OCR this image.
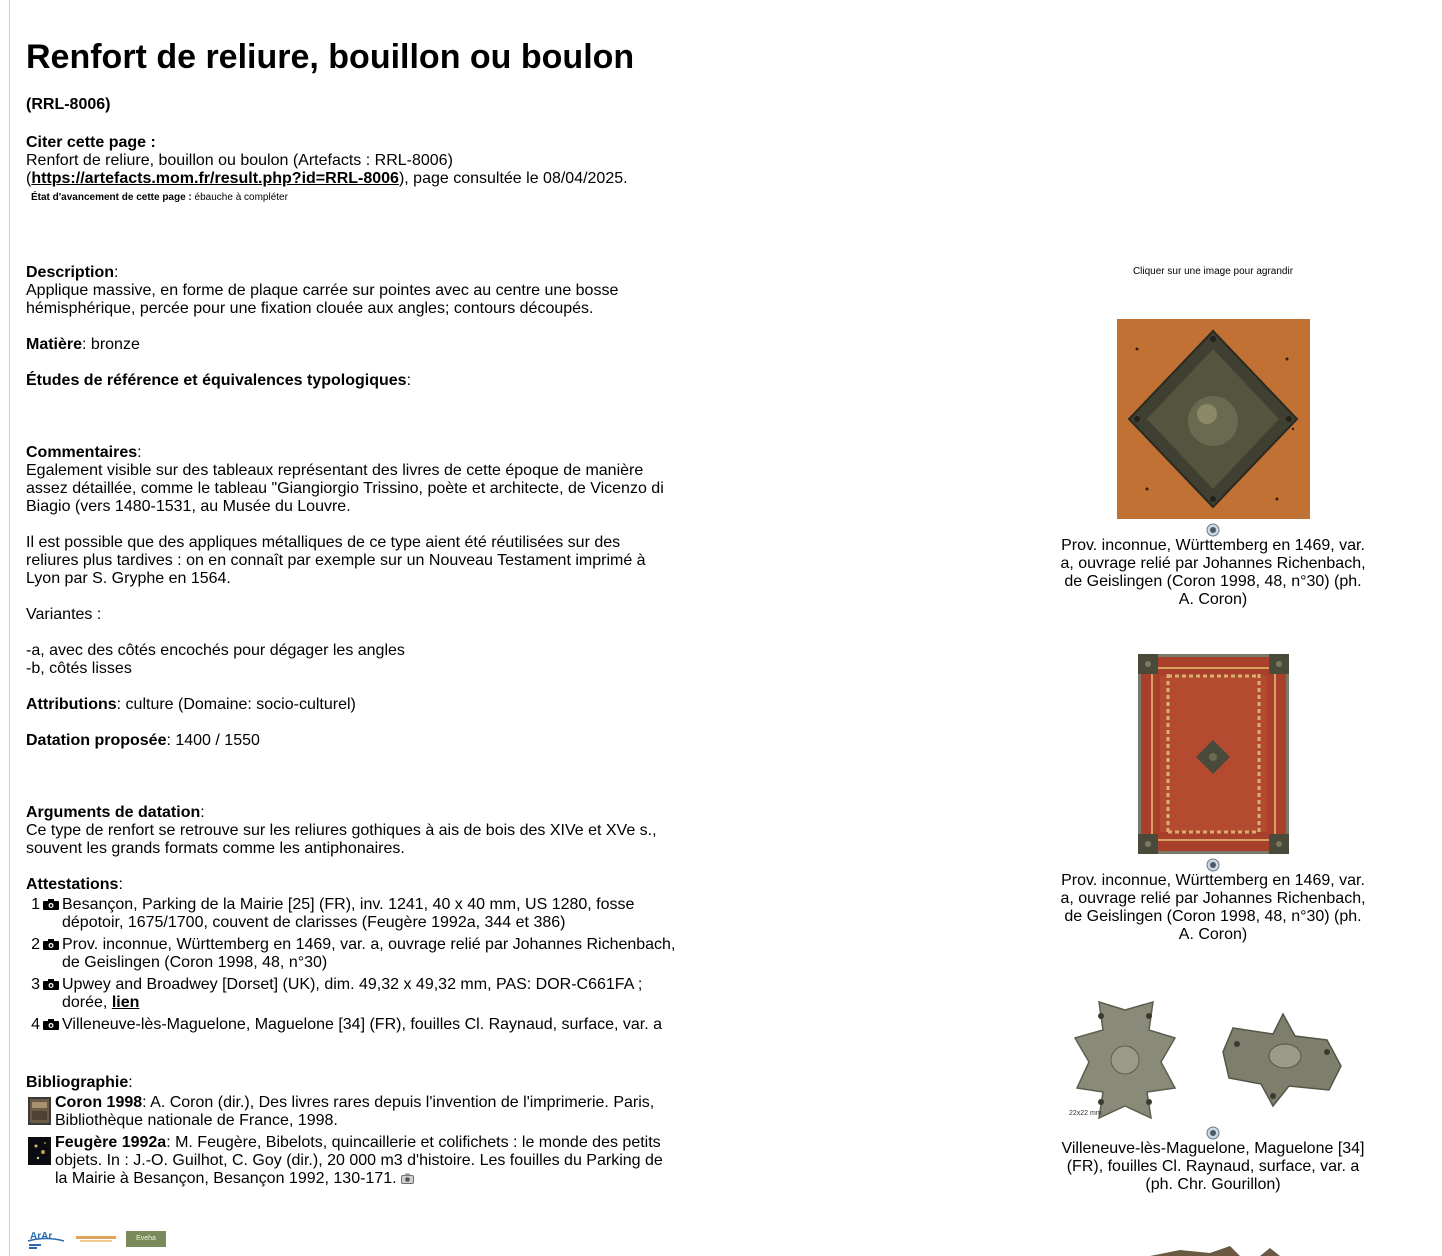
Renfort de reliure, bouillon ou boulon
(RRL-8006)
Citer cette page :
Renfort de reliure, bouillon ou boulon (Artefacts : RRL-8006)
(https://artefacts.mom.fr/result.php?id=RRL-8006), page consultée le 08/04/2025.
État d'avancement de cette page : ébauche à compléter
Description:
Applique massive, en forme de plaque carrée sur pointes avec au centre une bosse hémisphérique, percée pour une fixation clouée aux angles; contours découpés.
Matière: bronze
Études de référence et équivalences typologiques:
Commentaires:

Egalement visible sur des tableaux représentant des livres de cette époque de manière assez détaillée, comme le tableau "Giangiorgio Trissino, poète et architecte, de Vicenzo di Biagio (vers 1480-1531, au Musée du Louvre.

Il est possible que des appliques métalliques de ce type aient été réutilisées sur des reliures plus tardives : on en connaît par exemple sur un Nouveau Testament imprimé à Lyon par S. Gryphe en 1564.

Variantes :

-a, avec des côtés encochés pour dégager les angles

-b, côtés lisses

Attributions: culture (Domaine: socio-culturel)
Datation proposée: 1400 / 1550
Arguments de datation:
Ce type de renfort se retrouve sur les reliures gothiques à ais de bois des XIVe et XVe s., souvent les grands formats comme les antiphonaires.
Attestations:
1 Besançon, Parking de la Mairie [25] (FR), inv. 1241, 40 x 40 mm, US 1280, fosse dépotoir, 1675/1700, couvent de clarisses (Feugère 1992a, 344 et 386)
2 Prov. inconnue, Württemberg en 1469, var. a, ouvrage relié par Johannes Richenbach, de Geislingen (Coron 1998, 48, n°30)
3 Upwey and Broadwey [Dorset] (UK), dim. 49,32 x 49,32 mm, PAS: DOR-C661FA ; dorée, lien
4 Villeneuve-lès-Maguelone, Maguelone [34] (FR), fouilles Cl. Raynaud, surface, var. a
Bibliographie:
Coron 1998: A. Coron (dir.), Des livres rares depuis l'invention de l'imprimerie. Paris, Bibliothèque nationale de France, 1998.
Feugère 1992a: M. Feugère, Bibelots, quincaillerie et colifichets : le monde des petits objets. In : J.-O. Guilhot, C. Goy (dir.), 20 000 m3 d'histoire. Les fouilles du Parking de la Mairie à Besançon, Besançon 1992, 130-171.
ArAr	Eveha
Cliquer sur une image pour agrandir
Prov. inconnue, Württemberg en 1469, var. a, ouvrage relié par Johannes Richenbach, de Geislingen (Coron 1998, 48, n°30) (ph. A. Coron)
Prov. inconnue, Württemberg en 1469, var. a, ouvrage relié par Johannes Richenbach, de Geislingen (Coron 1998, 48, n°30) (ph. A. Coron)
22x22 mm
Villeneuve-lès-Maguelone, Maguelone [34] (FR), fouilles Cl. Raynaud, surface, var. a (ph. Chr. Gourillon)
